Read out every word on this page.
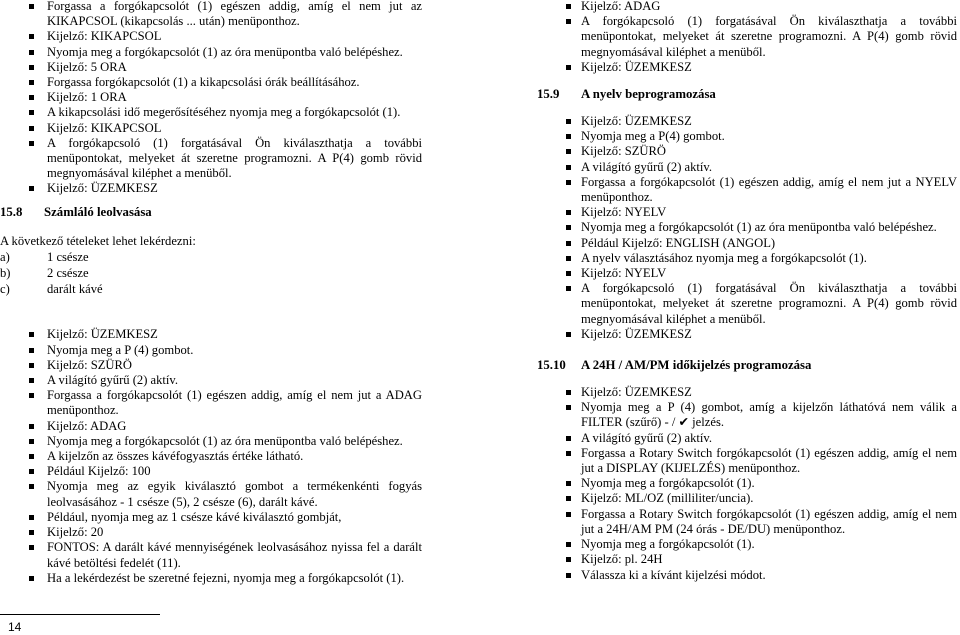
Forgassa a forgókapcsolót (1) egészen addig, amíg el nem jut az KIKAPCSOL (kikapcsolás ... után) menüponthoz.
Kijelző: KIKAPCSOL
Nyomja meg a forgókapcsolót (1) az óra menüpontba való belépéshez.
Kijelző: 5 ORA
Forgassa forgókapcsolót (1) a kikapcsolási órák beállításához.
Kijelző: 1 ORA
A kikapcsolási idő megerősítéséhez nyomja meg a forgókapcsolót (1).
Kijelző: KIKAPCSOL
A forgókapcsoló (1) forgatásával Ön kiválaszthatja a további menüpontokat, melyeket át szeretne programozni. A P(4) gomb rövid megnyomásával kiléphet a menüből.
Kijelző: ÜZEMKESZ
15.8 Számláló leolvasása
A következő tételeket lehet lekérdezni:
a)	1 csésze
b)	2 csésze
c)	darált kávé
Kijelző: ÜZEMKESZ
Nyomja meg a P (4) gombot.
Kijelző: SZÜRÖ
A világító gyűrű (2) aktív.
Forgassa a forgókapcsolót (1) egészen addig, amíg el nem jut a ADAG menüponthoz.
Kijelző: ADAG
Nyomja meg a forgókapcsolót (1) az óra menüpontba való belépéshez.
A kijelzőn az összes kávéfogyasztás értéke látható.
Például Kijelző: 100
Nyomja meg az egyik kiválasztó gombot a termékenkénti fogyás leolvasásához - 1 csésze (5), 2 csésze (6), darált kávé.
Például, nyomja meg az 1 csésze kávé kiválasztó gombját,
Kijelző: 20
FONTOS: A darált kávé mennyiségének leolvasásához nyissa fel a darált kávé betöltési fedelét (11).
Ha a lekérdezést be szeretné fejezni, nyomja meg a forgókapcsolót (1).
Kijelző: ADAG
A forgókapcsoló (1) forgatásával Ön kiválaszthatja a további menüpontokat, melyeket át szeretne programozni. A P(4) gomb rövid megnyomásával kiléphet a menüből.
Kijelző: ÜZEMKESZ
15.9 A nyelv beprogramozása
Kijelző: ÜZEMKESZ
Nyomja meg a P(4) gombot.
Kijelző: SZÜRÖ
A világító gyűrű (2) aktív.
Forgassa a forgókapcsolót (1) egészen addig, amíg el nem jut a NYELV menüponthoz.
Kijelző: NYELV
Nyomja meg a forgókapcsolót (1) az óra menüpontba való belépéshez.
Például Kijelző: ENGLISH (ANGOL)
A nyelv választásához nyomja meg a forgókapcsolót (1).
Kijelző: NYELV
A forgókapcsoló (1) forgatásával Ön kiválaszthatja a további menüpontokat, melyeket át szeretne programozni. A P(4) gomb rövid megnyomásával kiléphet a menüből.
Kijelző: ÜZEMKESZ
15.10 A 24H / AM/PM időkijelzés programozása
Kijelző: ÜZEMKESZ
Nyomja meg a P (4) gombot, amíg a kijelzőn láthatóvá nem válik a FILTER (szűrő) - / ✔ jelzés.
A világító gyűrű (2) aktív.
Forgassa a Rotary Switch forgókapcsolót (1) egészen addig, amíg el nem jut a DISPLAY (KIJELZÉS) menüponthoz.
Nyomja meg a forgókapcsolót (1).
Kijelző: ML/OZ (milliliter/uncia).
Forgassa a Rotary Switch forgókapcsolót (1) egészen addig, amíg el nem jut a 24H/AM PM (24 órás - DE/DU) menüponthoz.
Nyomja meg a forgókapcsolót (1).
Kijelző: pl. 24H
Válassza ki a kívánt kijelzési módot.
14
